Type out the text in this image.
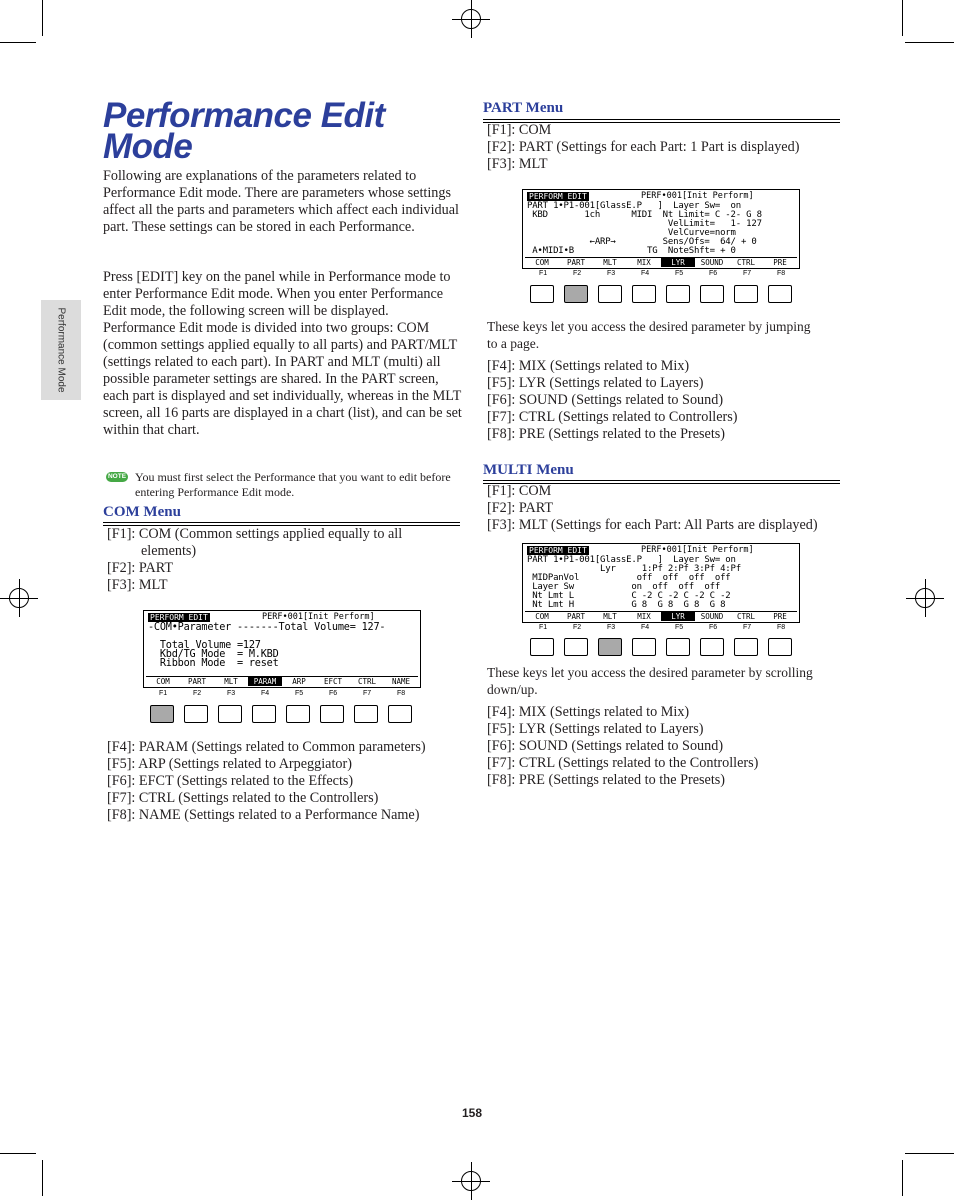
Performance Mode
Performance Edit Mode
Following are explanations of the parameters related to Performance Edit mode. There are parameters whose settings affect all the parts and parameters which affect each individual part. These settings can be stored in each Performance.
Press [EDIT] key on the panel while in Performance mode to enter Performance Edit mode. When you enter Performance Edit mode, the following screen will be displayed. Performance Edit mode is divided into two groups: COM (common settings applied equally to all parts) and PART/MLT (settings related to each part). In PART and MLT (multi) all possible parameter settings are shared. In the PART screen, each part is displayed and set individually, whereas in the MLT screen, all 16 parts are displayed in a chart (list), and can be set within that chart.
NOTE You must first select the Performance that you want to edit before entering Performance Edit mode.
COM Menu
[F1]: COM (Common settings applied equally to all
elements)
[F2]: PART
[F3]: MLT
PERFORM EDIT	PERF•001[Init Perform]
-COM•Parameter -------Total Volume= 127-
Total Volume =127
Kbd/TG Mode  = M.KBD
Ribbon Mode  = reset
COM	PART	MLT	PARAM	ARP	EFCT	CTRL	NAME
F1	F2	F3	F4	F5	F6	F7	F8
[F4]: PARAM (Settings related to Common parameters)
[F5]: ARP (Settings related to Arpeggiator)
[F6]: EFCT (Settings related to the Effects)
[F7]: CTRL (Settings related to the Controllers)
[F8]: NAME (Settings related to a Performance Name)
PART Menu
[F1]: COM
[F2]: PART (Settings for each Part: 1 Part is displayed)
[F3]: MLT
PERFORM EDIT	PERF•001[Init Perform]
PART 1•P1-001[GlassE.P   ]  Layer Sw=  on
KBD       1ch      MIDI  Nt Limit= C -2- G 8
VelLimit=   1- 127
VelCurve=norm
←ARP→         Sens/Ofs=  64/ + 0
A•MIDI•B              TG  NoteShft= + 0
COM	PART	MLT	MIX	LYR	SOUND	CTRL	PRE
F1	F2	F3	F4	F5	F6	F7	F8
These keys let you access the desired parameter by jumping to a page.
[F4]: MIX (Settings related to Mix)
[F5]: LYR (Settings related to Layers)
[F6]: SOUND (Settings related to Sound)
[F7]: CTRL (Settings related to Controllers)
[F8]: PRE (Settings related to the Presets)
MULTI Menu
[F1]: COM
[F2]: PART
[F3]: MLT (Settings for each Part: All Parts are displayed)
PERFORM EDIT	PERF•001[Init Perform]
PART 1•P1-001[GlassE.P   ]  Layer Sw= on
Lyr     1:Pf 2:Pf 3:Pf 4:Pf
MIDPanVol           off  off  off  off
Layer Sw           on  off  off  off
Nt Lmt L           C -2 C -2 C -2 C -2
Nt Lmt H           G 8  G 8  G 8  G 8
COM	PART	MLT	MIX	LYR	SOUND	CTRL	PRE
F1	F2	F3	F4	F5	F6	F7	F8
These keys let you access the desired parameter by scrolling down/up.
[F4]: MIX (Settings related to Mix)
[F5]: LYR (Settings related to Layers)
[F6]: SOUND (Settings related to Sound)
[F7]: CTRL (Settings related to the Controllers)
[F8]: PRE (Settings related to the Presets)
158
